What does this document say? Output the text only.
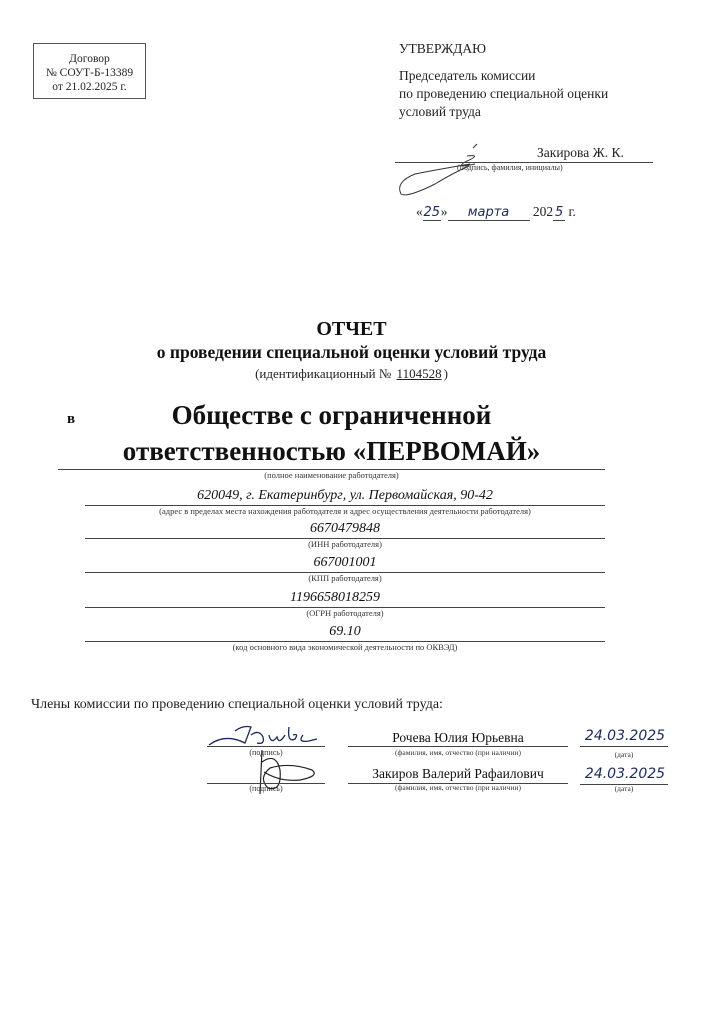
Договор
№ СОУТ-Б-13389
от 21.02.2025 г.
УТВЕРЖДАЮ
Председатель комиссии
по проведению специальной оценки
условий труда
Закирова Ж. К.
(подпись, фамилия, инициалы)
«25» марта 202 5 г.
ОТЧЕТ
о проведении специальной оценки условий труда
(идентификационный № 1104528 )
в	Обществе с ограниченной
ответственностью «ПЕРВОМАЙ»
(полное наименование работодателя)
620049, г. Екатеринбург, ул. Первомайская, 90-42
(адрес в пределах места нахождения работодателя и адрес осуществления деятельности работодателя)
6670479848
(ИНН работодателя)
667001001
(КПП работодателя)
1196658018259
(ОГРН работодателя)
69.10
(код основного вида экономической деятельности по ОКВЭД)
Члены комиссии по проведению специальной оценки условий труда:
(подпись)
Рочева Юлия Юрьевна
(фамилия, имя, отчество (при наличии)
24.03.2025
(дата)
(подпись)
Закиров Валерий Рафаилович
(фамилия, имя, отчество (при наличии)
24.03.2025
(дата)
